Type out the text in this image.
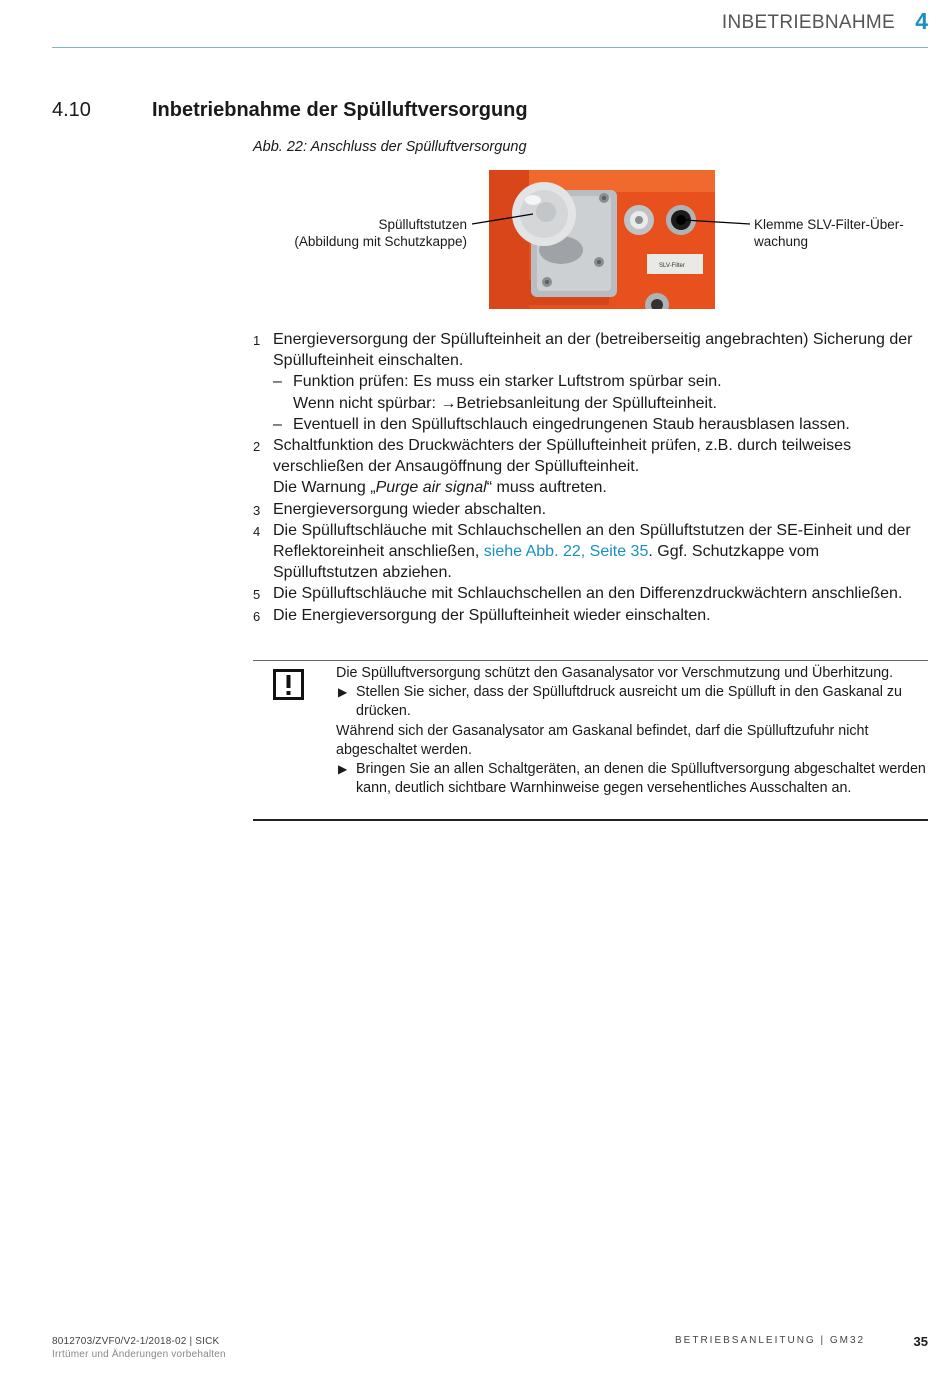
INBETRIEBNAHME 4
4.10	Inbetriebnahme der Spülluftversorgung
Abb. 22: Anschluss der Spülluftversorgung
SLV-Filter
Spülluftstutzen
(Abbildung mit Schutzkappe)
Klemme SLV-Filter-Über-
wachung
1 Energieversorgung der Spüllufteinheit an der (betreiberseitig angebrachten) Sicherung der Spüllufteinheit einschalten.
– Funktion prüfen: Es muss ein starker Luftstrom spürbar sein.
Wenn nicht spürbar: →Betriebsanleitung der Spüllufteinheit.
– Eventuell in den Spülluftschlauch eingedrungenen Staub herausblasen lassen.
2 Schaltfunktion des Druckwächters der Spüllufteinheit prüfen, z.B. durch teilweises verschließen der Ansaugöffnung der Spüllufteinheit.
Die Warnung „Purge air signal“ muss auftreten.
3 Energieversorgung wieder abschalten.
4 Die Spülluftschläuche mit Schlauchschellen an den Spülluftstutzen der SE-Einheit und der Reflektoreinheit anschließen, siehe Abb. 22, Seite 35. Ggf. Schutzkappe vom Spülluftstutzen abziehen.
5 Die Spülluftschläuche mit Schlauchschellen an den Differenzdruckwächtern anschließen.
6 Die Energieversorgung der Spüllufteinheit wieder einschalten.
Die Spülluftversorgung schützt den Gasanalysator vor Verschmutzung und Überhitzung.
▶ Stellen Sie sicher, dass der Spülluftdruck ausreicht um die Spülluft in den Gaskanal zu drücken.
Während sich der Gasanalysator am Gaskanal befindet, darf die Spülluftzufuhr nicht abgeschaltet werden.
▶ Bringen Sie an allen Schaltgeräten, an denen die Spülluftversorgung abgeschaltet werden kann, deutlich sichtbare Warnhinweise gegen versehentliches Ausschalten an.
8012703/ZVF0/V2-1/2018-02 | SICK
Irrtümer und Änderungen vorbehalten
BETRIEBSANLEITUNG | GM32	35
